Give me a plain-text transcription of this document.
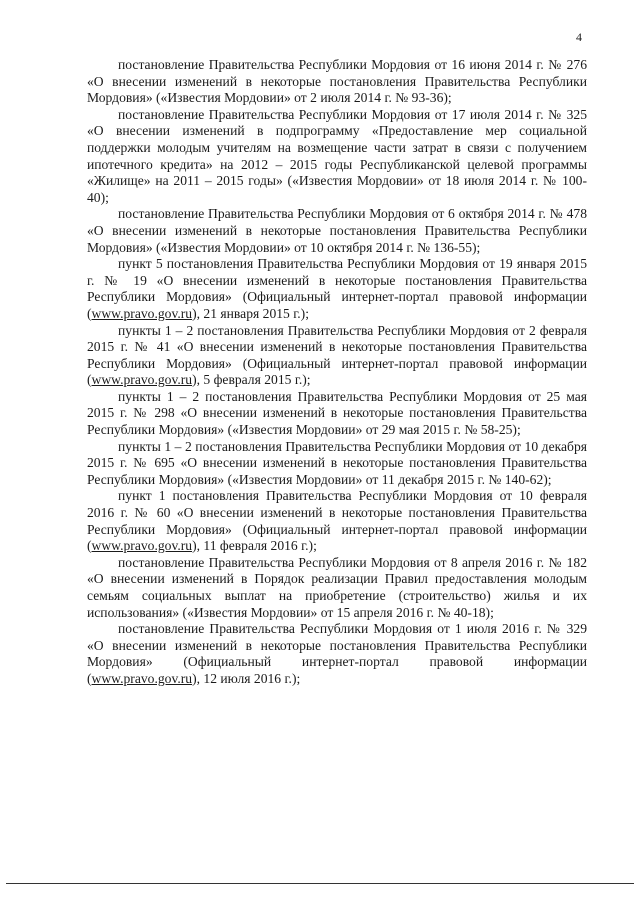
4

постановление Правительства Республики Мордовия от 16 июня 2014 г. № 276 «О внесении изменений в некоторые постановления Правительства Республики Мордовия» («Известия Мордовии» от 2 июля 2014 г. № 93-36);

постановление Правительства Республики Мордовия от 17 июля 2014 г. № 325 «О внесении изменений в подпрограмму «Предоставление мер социальной поддержки молодым учителям на возмещение части затрат в связи с получением ипотечного кредита» на 2012 – 2015 годы Республиканской целевой программы «Жилище» на 2011 – 2015 годы» («Известия Мордовии» от 18 июля 2014 г. № 100-40);

постановление Правительства Республики Мордовия от 6 октября 2014 г. № 478 «О внесении изменений в некоторые постановления Правительства Республики Мордовия» («Известия Мордовии» от 10 октября 2014 г. № 136-55);

пункт 5 постановления Правительства Республики Мордовия от 19 января 2015 г. № 19 «О внесении изменений в некоторые постановления Правительства Республики Мордовия» (Официальный интернет-портал правовой информации (www.pravo.gov.ru), 21 января 2015 г.);

пункты 1 – 2 постановления Правительства Республики Мордовия от 2 февраля 2015 г. № 41 «О внесении изменений в некоторые постановления Правительства Республики Мордовия» (Официальный интернет-портал правовой информации (www.pravo.gov.ru), 5 февраля 2015 г.);

пункты 1 – 2 постановления Правительства Республики Мордовия от 25 мая 2015 г. № 298 «О внесении изменений в некоторые постановления Правительства Республики Мордовия» («Известия Мордовии» от 29 мая 2015 г. № 58-25);

пункты 1 – 2 постановления Правительства Республики Мордовия от 10 декабря 2015 г. № 695 «О внесении изменений в некоторые постановления Правительства Республики Мордовия» («Известия Мордовии» от 11 декабря 2015 г. № 140-62);

пункт 1 постановления Правительства Республики Мордовия от 10 февраля 2016 г. № 60 «О внесении изменений в некоторые постановления Правительства Республики Мордовия» (Официальный интернет-портал правовой информации (www.pravo.gov.ru), 11 февраля 2016 г.);

постановление Правительства Республики Мордовия от 8 апреля 2016 г. № 182 «О внесении изменений в Порядок реализации Правил предоставления молодым семьям социальных выплат на приобретение (строительство) жилья и их использования» («Известия Мордовии» от 15 апреля 2016 г. № 40-18);

постановление Правительства Республики Мордовия от 1 июля 2016 г. № 329 «О внесении изменений в некоторые постановления Правительства Республики Мордовия» (Официальный интернет-портал правовой информации (www.pravo.gov.ru), 12 июля 2016 г.);
